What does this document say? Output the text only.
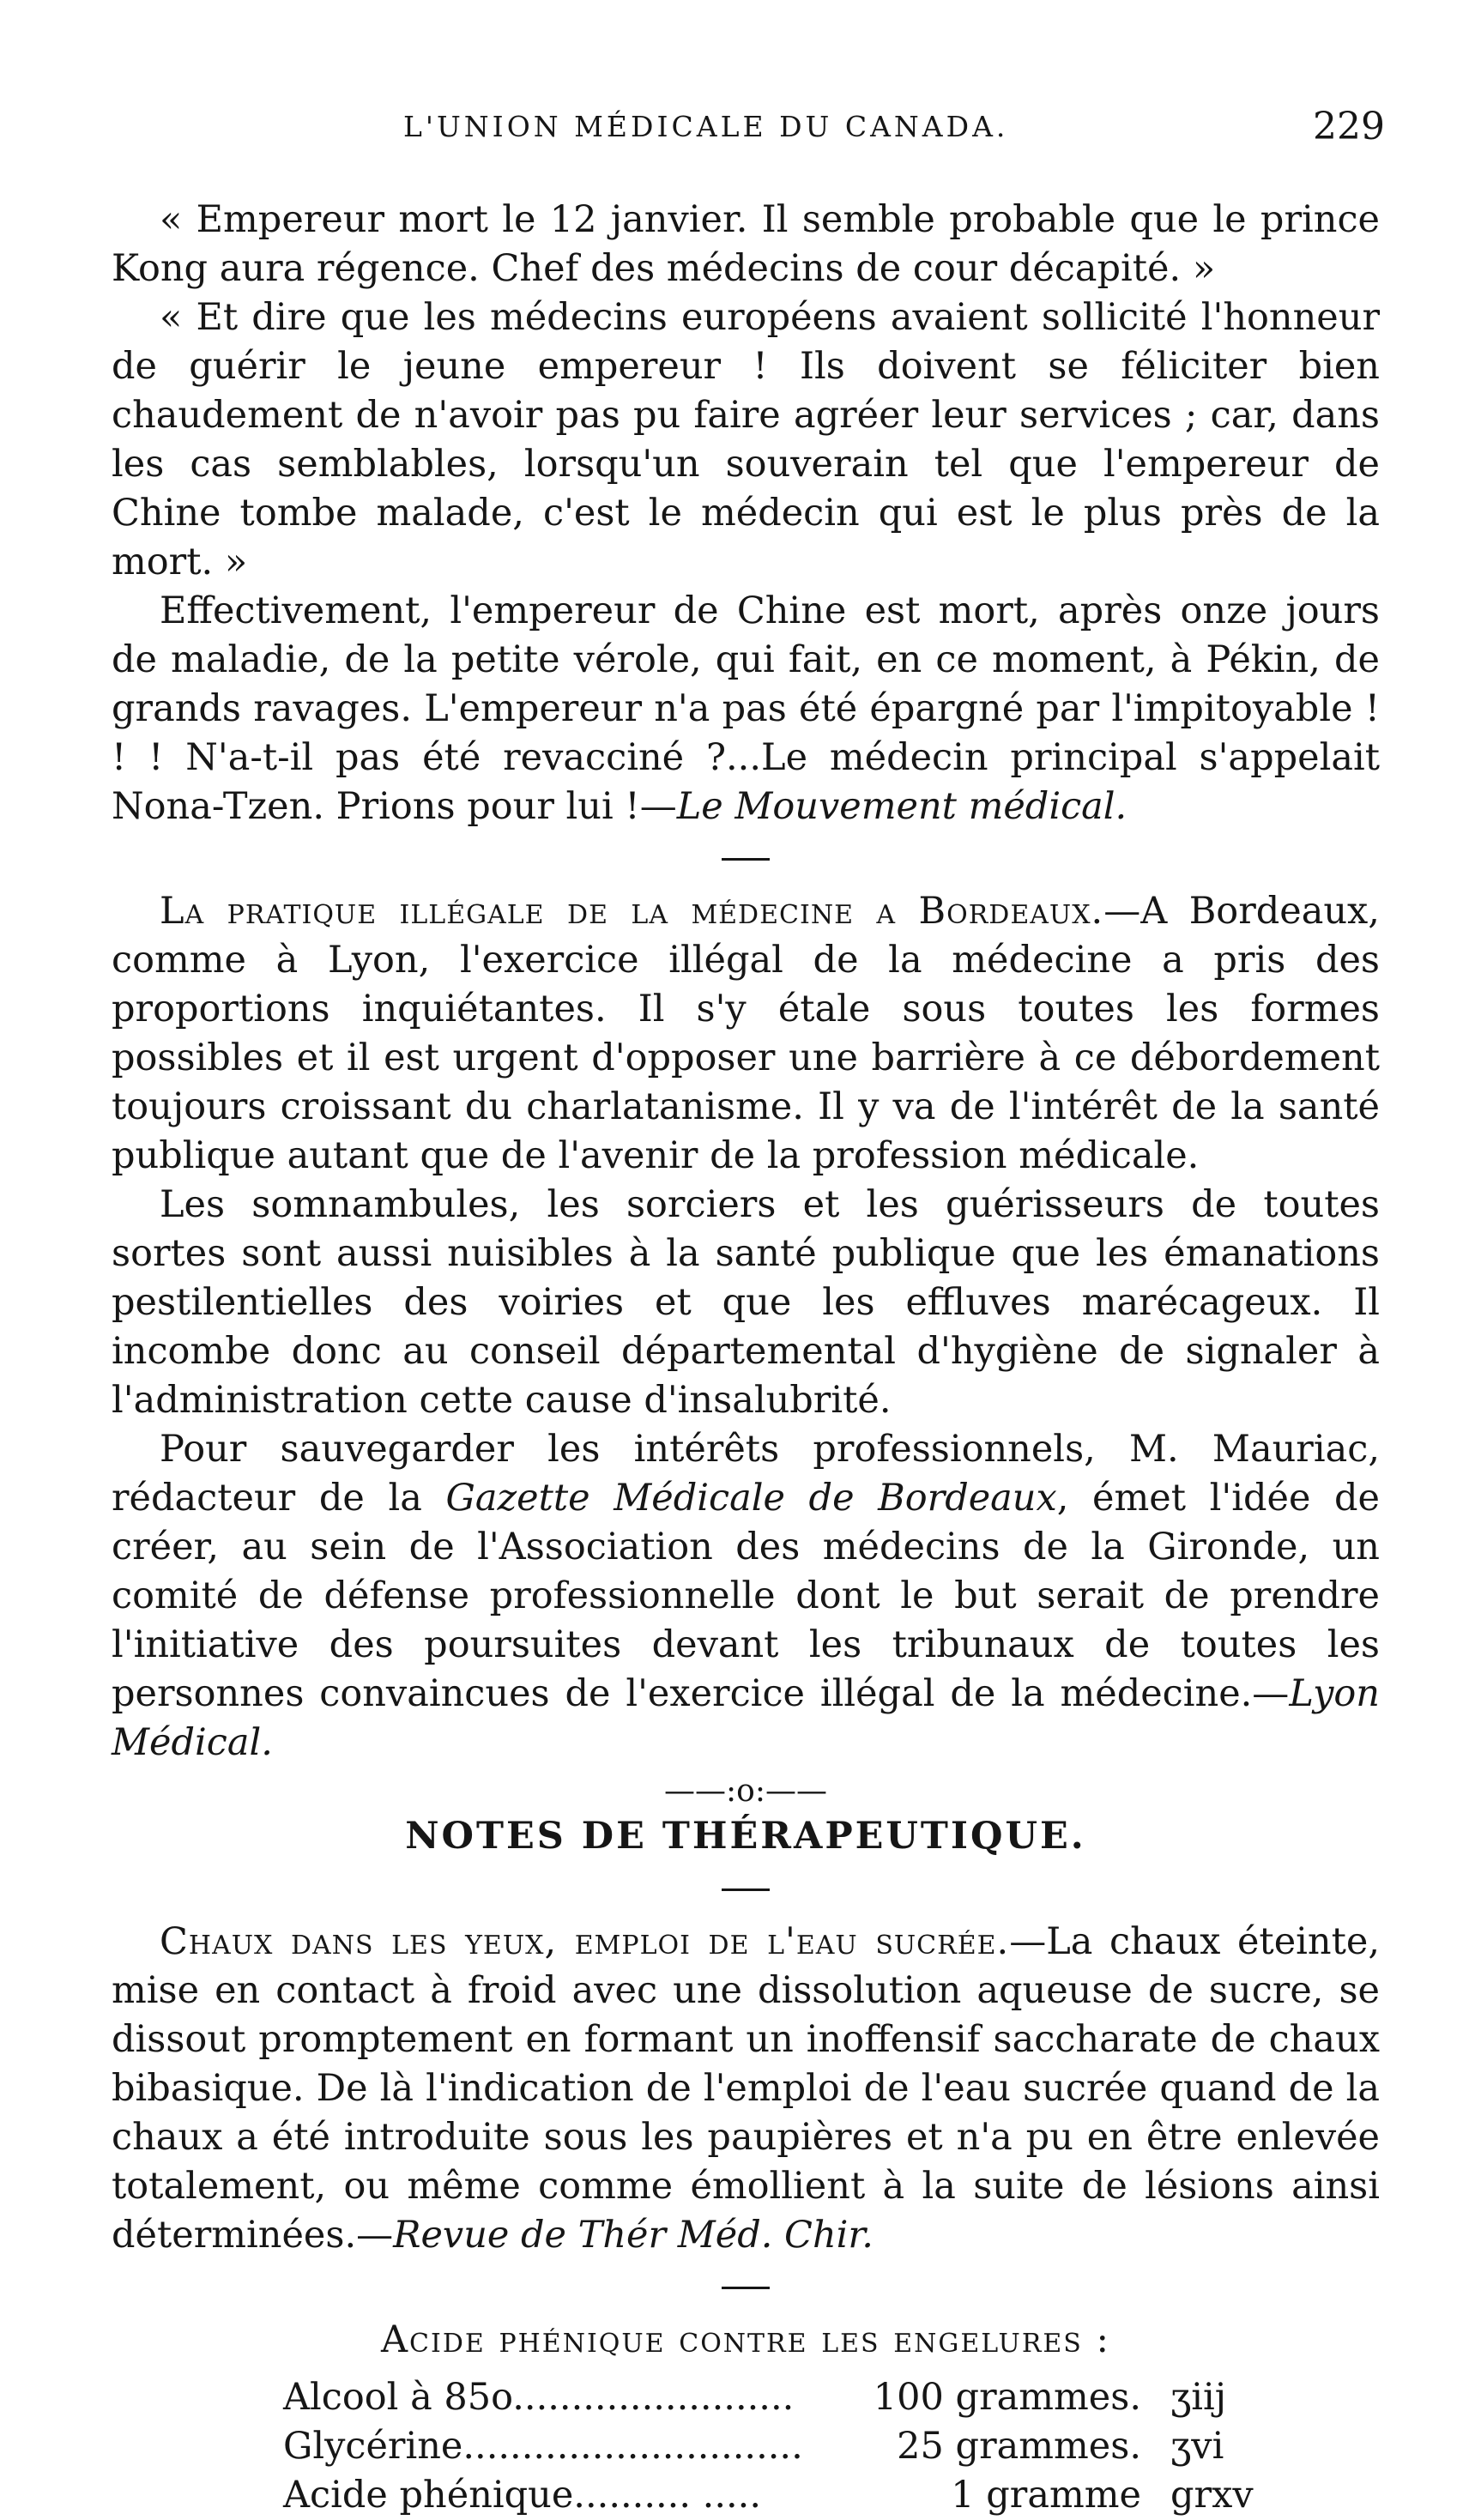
L'UNION MÉDICALE DU CANADA.	229

« Empereur mort le 12 janvier. Il semble probable que le prince Kong aura régence. Chef des médecins de cour décapité. »

« Et dire que les médecins européens avaient sollicité l'honneur de guérir le jeune empereur ! Ils doivent se féliciter bien chaudement de n'avoir pas pu faire agréer leur services ; car, dans les cas semblables, lorsqu'un souverain tel que l'empereur de Chine tombe malade, c'est le médecin qui est le plus près de la mort. »

Effectivement, l'empereur de Chine est mort, après onze jours de maladie, de la petite vérole, qui fait, en ce moment, à Pékin, de grands ravages. L'empereur n'a pas été épargné par l'impitoyable ! ! ! N'a-t-il pas été revacciné ?...Le médecin principal s'appelait Nona-Tzen. Prions pour lui !—Le Mouvement médical.

La pratique illégale de la médecine a Bordeaux.—A Bordeaux, comme à Lyon, l'exercice illégal de la médecine a pris des proportions inquiétantes. Il s'y étale sous toutes les formes possibles et il est urgent d'opposer une barrière à ce débordement toujours croissant du charlatanisme. Il y va de l'intérêt de la santé publique autant que de l'avenir de la profession médicale.

Les somnambules, les sorciers et les guérisseurs de toutes sortes sont aussi nuisibles à la santé publique que les émanations pestilentielles des voiries et que les effluves marécageux. Il incombe donc au conseil départemental d'hygiène de signaler à l'administration cette cause d'insalubrité.

Pour sauvegarder les intérêts professionnels, M. Mauriac, rédacteur de la Gazette Médicale de Bordeaux, émet l'idée de créer, au sein de l'Association des médecins de la Gironde, un comité de défense professionnelle dont le but serait de prendre l'initiative des poursuites devant les tribunaux de toutes les personnes convaincues de l'exercice illégal de la médecine.—Lyon Médical.

——:o:——
NOTES DE THÉRAPEUTIQUE.

Chaux dans les yeux, emploi de l'eau sucrée.—La chaux éteinte, mise en contact à froid avec une dissolution aqueuse de sucre, se dissout promptement en formant un inoffensif saccharate de chaux bibasique. De là l'indication de l'emploi de l'eau sucrée quand de la chaux a été introduite sous les paupières et n'a pu en être enlevée totalement, ou même comme émollient à la suite de lésions ainsi déterminées.—Revue de Thér Méd. Chir.

Acide phénique contre les engelures :

Alcool à 85o........................	100 grammes.	ʒiij
Glycérine.............................	25 grammes.	ʒvi
Acide phénique.......... .....	1 gramme	grxv
